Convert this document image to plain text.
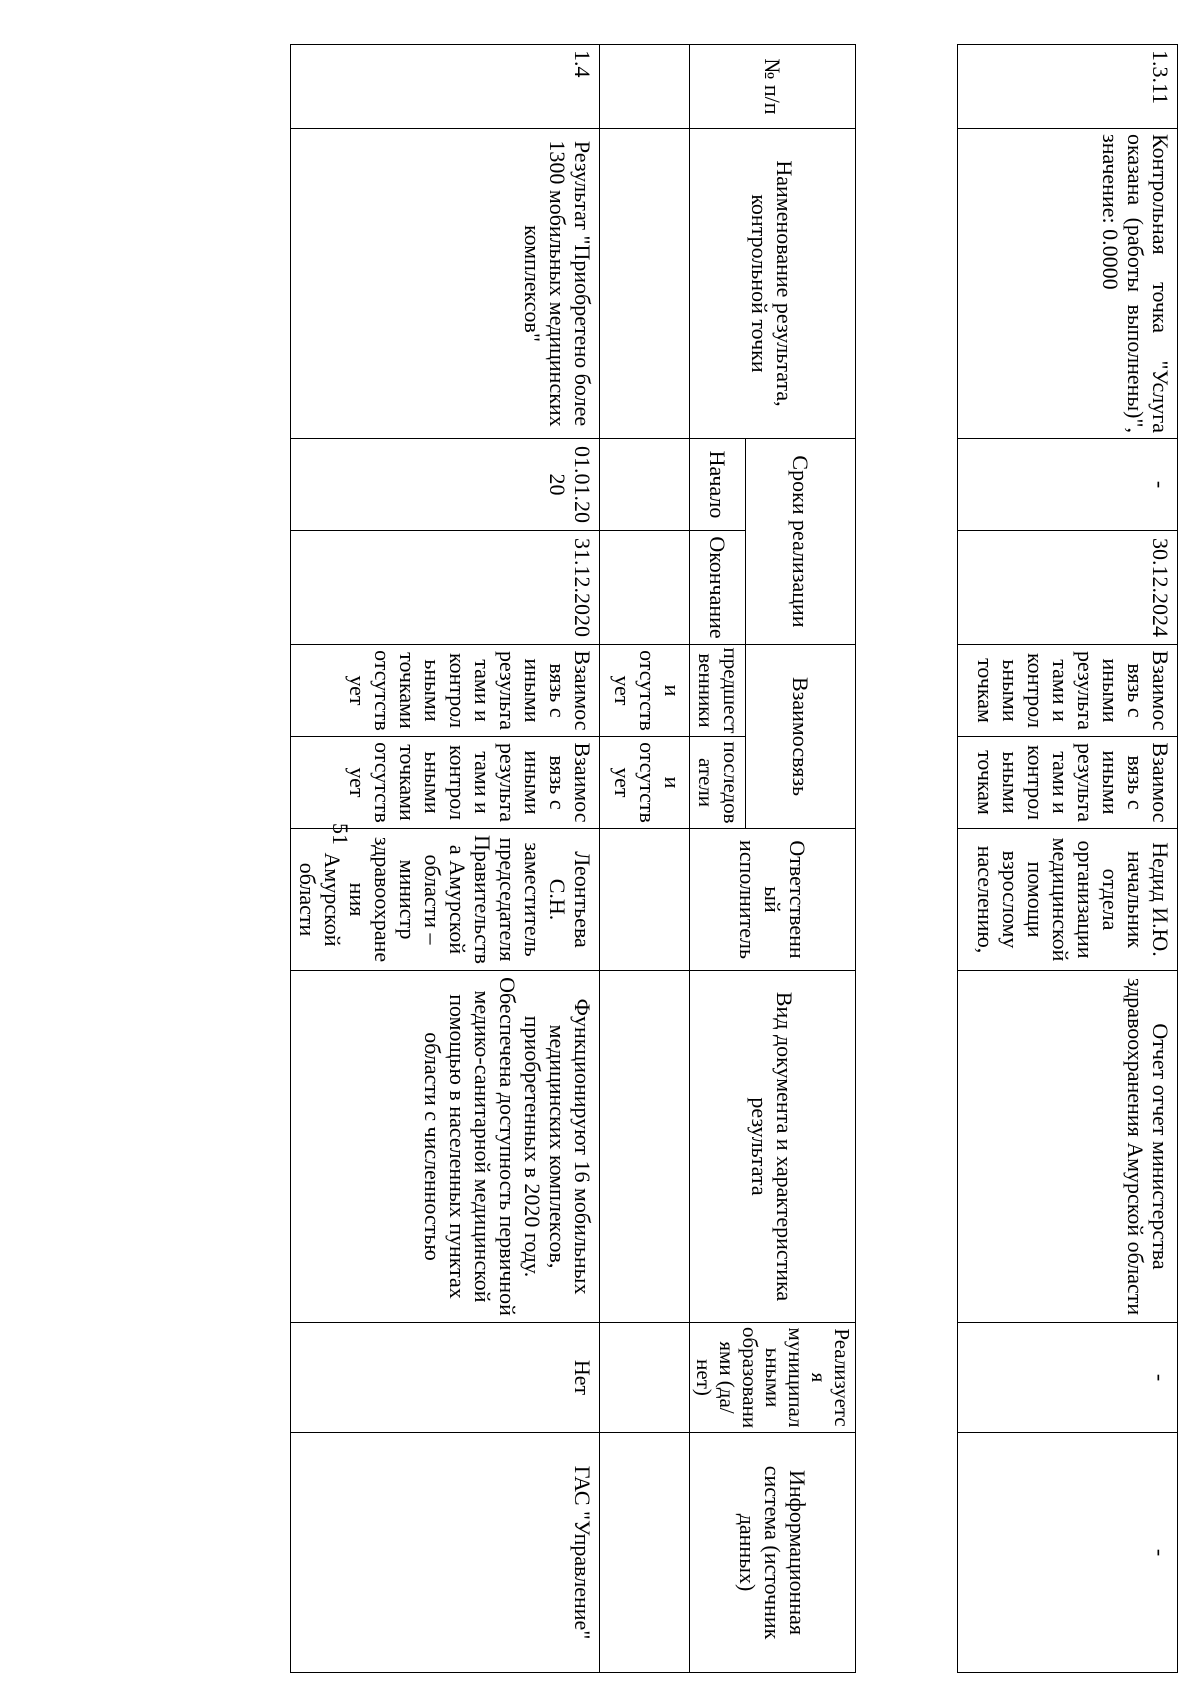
1.3.11	Контрольная точка "Услуга оказана (работы выполнены)", значение: 0.0000	-	30.12.2024	Взаимосвязь с иными результатами и контрольными точкам	Взаимосвязь с иными результатами и контрольными точкам	Недид И.Ю. начальник отдела организации медицинской помощи взрослому населению,	Отчет отчет министерства здравоохранения Амурской области	-	-
51
№ п/п	Наименование результата, контрольной точки	Сроки реализации		Взаимосвязь		Ответственный исполнитель	Вид документа и характеристика результата	Реализуется муниципальными образованиями (да/нет)	Информационная система (источник данных)
		Начало	Окончание	предшественники	последователи				
				и отсутствует	и отсутствует				
1.4	Результат "Приобретено более 1300 мобильных медицинских комплексов"	01.01.2020	31.12.2020	Взаимосвязь с иными результатами и контрольными точками отсутствует	Взаимосвязь с иными результатами и контрольными точками отсутствует	Леонтьева С.Н. заместитель председателя Правительства Амурской области – министр здравоохранения Амурской области	Функционируют 16 мобильных медицинских комплексов, приобретенных в 2020 году. Обеспечена доступность первичной медико-санитарной медицинской помощью в населенных пунктах области с численностью	Нет	ГАС "Управление"
